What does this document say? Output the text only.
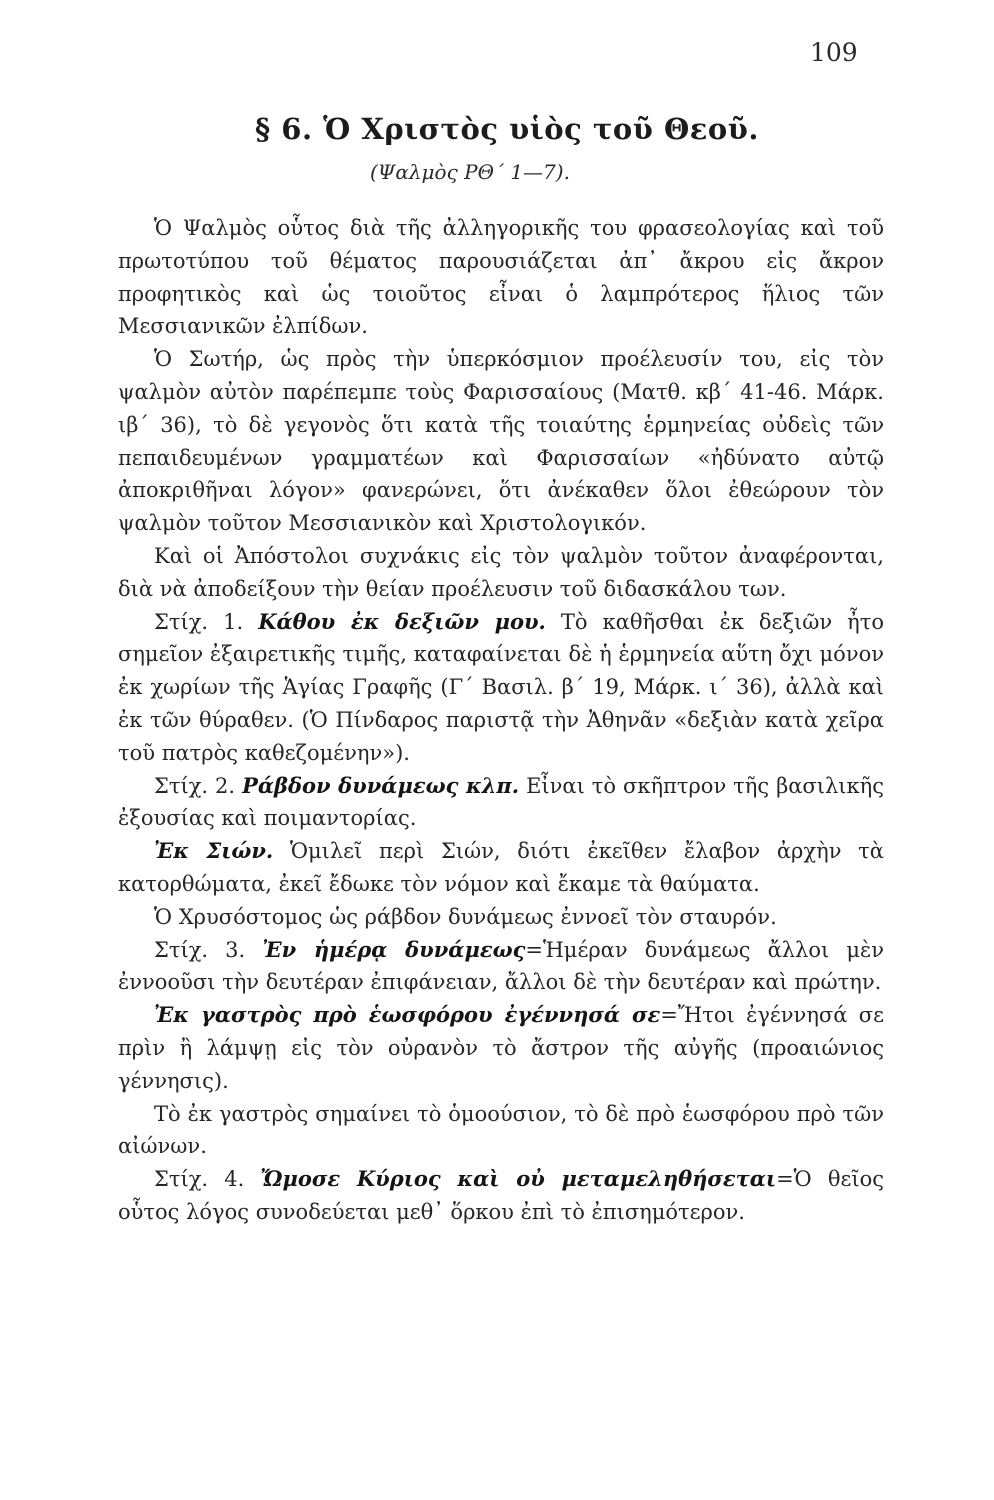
109
§ 6. Ὁ Χριστὸς υἱὸς τοῦ Θεοῦ.
(Ψαλμὸς ΡΘ΄ 1—7).

Ὁ Ψαλμὸς οὗτος διὰ τῆς ἀλληγορικῆς του φρασεολογίας καὶ τοῦ πρωτοτύπου τοῦ θέματος παρουσιάζεται ἀπ᾽ ἄκρου εἰς ἄκρον προφητικὸς καὶ ὡς τοιοῦτος εἶναι ὁ λαμπρότερος ἥλιος τῶν Μεσσιανικῶν ἐλπίδων.

Ὁ Σωτήρ, ὡς πρὸς τὴν ὑπερκόσμιον προέλευσίν του, εἰς τὸν ψαλμὸν αὐτὸν παρέπεμπε τοὺς Φαρισσαίους (Ματθ. κβ΄ 41-46. Μάρκ. ιβ΄ 36), τὸ δὲ γεγονὸς ὅτι κατὰ τῆς τοιαύτης ἑρμηνείας οὐδεὶς τῶν πεπαιδευμένων γραμματέων καὶ Φαρισσαίων «ἠδύνατο αὐτῷ ἀποκριθῆναι λόγον» φανερώνει, ὅτι ἀνέκαθεν ὅλοι ἐθεώρουν τὸν ψαλμὸν τοῦτον Μεσσιανικὸν καὶ Χριστολογικόν.

Καὶ οἱ Ἀπόστολοι συχνάκις εἰς τὸν ψαλμὸν τοῦτον ἀναφέρονται, διὰ νὰ ἀποδείξουν τὴν θείαν προέλευσιν τοῦ διδασκάλου των.

Στίχ. 1. Κάθου ἐκ δεξιῶν μου. Τὸ καθῆσθαι ἐκ δεξιῶν ἦτο σημεῖον ἐξαιρετικῆς τιμῆς, καταφαίνεται δὲ ἡ ἑρμηνεία αὕτη ὄχι μόνον ἐκ χωρίων τῆς Ἁγίας Γραφῆς (Γ΄ Βασιλ. β΄ 19, Μάρκ. ι΄ 36), ἀλλὰ καὶ ἐκ τῶν θύραθεν. (Ὁ Πίνδαρος παριστᾷ τὴν Ἀθηνᾶν «δεξιὰν κατὰ χεῖρα τοῦ πατρὸς καθεζομένην»).

Στίχ. 2. Ράβδον δυνάμεως κλπ. Εἶναι τὸ σκῆπτρον τῆς βασιλικῆς ἐξουσίας καὶ ποιμαντορίας.

Ἐκ Σιών. Ὁμιλεῖ περὶ Σιών, διότι ἐκεῖθεν ἔλαβον ἀρχὴν τὰ κατορθώματα, ἐκεῖ ἔδωκε τὸν νόμον καὶ ἔκαμε τὰ θαύματα.

Ὁ Χρυσόστομος ὡς ράβδον δυνάμεως ἐννοεῖ τὸν σταυρόν.

Στίχ. 3. Ἐν ἡμέρᾳ δυνάμεως=Ἡμέραν δυνάμεως ἄλλοι μὲν ἐννοοῦσι τὴν δευτέραν ἐπιφάνειαν, ἄλλοι δὲ τὴν δευτέραν καὶ πρώτην.

Ἐκ γαστρὸς πρὸ ἑωσφόρου ἐγέννησά σε=Ἤτοι ἐγέννησά σε πρὶν ἢ λάμψῃ εἰς τὸν οὐρανὸν τὸ ἄστρον τῆς αὐγῆς (προαιώνιος γέννησις).

Τὸ ἐκ γαστρὸς σημαίνει τὸ ὁμοούσιον, τὸ δὲ πρὸ ἑωσφόρου πρὸ τῶν αἰώνων.

Στίχ. 4. Ὤμοσε Κύριος καὶ οὐ μεταμεληθήσεται=Ὁ θεῖος οὗτος λόγος συνοδεύεται μεθ᾽ ὅρκου ἐπὶ τὸ ἐπισημότερον.
